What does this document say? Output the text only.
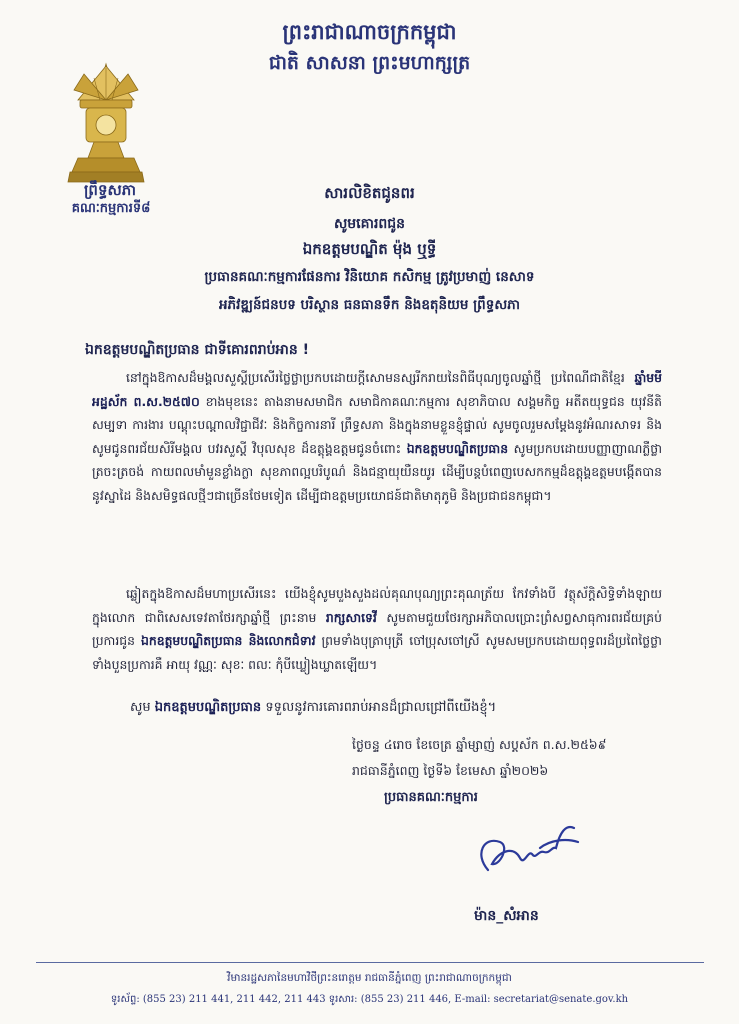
ព្រះរាជាណាចក្រកម្ពុជា
ជាតិ សាសនា ព្រះមហាក្សត្រ
ព្រឹទ្ធសភា
គណៈកម្មការទី៨
សារលិខិតជូនពរ
សូមគោរពជូន
ឯកឧត្តមបណ្ឌិត ម៉ុង ឬទ្ធី
ប្រធានគណៈកម្មការផែនការ វិនិយោគ កសិកម្ម ត្រូវប្រមាញ់ នេសាទ
អភិវឌ្ឍន៍ជនបទ បរិស្ថាន ធនធានទឹក និងឧតុនិយម ព្រឹទ្ធសភា
ឯកឧត្តមបណ្ឌិតប្រធាន ជាទីគោរពរាប់អាន !
នៅក្នុងឱកាសដ៏មង្គលសួស្ដីប្រសើរថ្លៃថ្លាប្រកបដោយក្ដីសោមនស្សរីករាយនៃពិធីបុណ្យចូលឆ្នាំថ្មី ប្រពៃណីជាតិខ្មែរ ឆ្នាំមមី អដ្ឋស័ក ព.ស.២៥៧០ ខាងមុខនេះ តាងនាមសមាជិក សមាជិកាគណៈកម្មការ សុខាភិបាល សង្គមកិច្ច អតីតយុទ្ធជន យុវនីតិសម្បទា ការងារ បណ្ដុះបណ្ដាលវិជ្ជាជីវៈ និងកិច្ចការនារី ព្រឹទ្ធសភា និងក្នុងនាមខ្លួនខ្ញុំផ្ទាល់ សូមចូលរួមសម្ដែងនូវអំណរសាទរ និងសូមជូនពរជ័យសិរីមង្គល បវរសួស្ដី វិបុលសុខ ដ៏ឧត្ដុង្គឧត្ដមជូនចំពោះ ឯកឧត្តមបណ្ឌិតប្រធាន សូមប្រកបដោយបញ្ញាញាណភ្លឺថ្លា ត្រចះត្រចង់ កាយពលមាំមួនខ្លាំងក្លា សុខភាពល្អបរិបូណ៌ និងជន្មាយុយឺនយូរ ដើម្បីបន្តបំពេញបេសកកម្មដ៏ឧត្ដុង្គឧត្ដមបង្កើតបាននូវស្នាដៃ និងសមិទ្ធផលថ្មីៗជាច្រើនថែមទៀត ដើម្បីជាឧត្តមប្រយោជន៍ជាតិមាតុភូមិ និងប្រជាជនកម្ពុជា។
ឆ្លៀតក្នុងឱកាសដ៏មហាប្រសើរនេះ យើងខ្ញុំសូមបួងសួងដល់គុណបុណ្យព្រះគុណត្រ័យ កែវទាំងបី វត្ថុស័ក្ដិសិទ្ធិទាំងឡាយក្នុងលោក ជាពិសេសទេវតាថែរក្សាឆ្នាំថ្មី ព្រះនាម រាក្សសាទេវី សូមតាមជួយថែរក្សាអភិបាលប្រោះព្រំសព្វសាធុការពរជ័យគ្រប់ប្រការជូន ឯកឧត្តមបណ្ឌិតប្រធាន និងលោកជំទាវ ព្រមទាំងបុត្រាបុត្រី ចៅប្រុសចៅស្រី សូមសមប្រកបដោយពុទ្ធពរដ៏ប្រពៃថ្លៃថ្លាទាំងបួនប្រការគឺ អាយុ វណ្ណៈ សុខៈ ពលៈ កុំបីឃ្លៀងឃ្លាតឡើយ។
សូម ឯកឧត្តមបណ្ឌិតប្រធាន ទទួលនូវការគោរពរាប់អានដ៏ជ្រាលជ្រៅពីយើងខ្ញុំ។
ថ្ងៃចន្ទ ៤រោច ខែចេត្រ ឆ្នាំម្សាញ់ សប្ដស័ក ព.ស.២៥៦៩
រាជធានីភ្នំពេញ ថ្ងៃទី៦ ខែមេសា ឆ្នាំ២០២៦
ប្រធានគណៈកម្មការ
ម៉ាន_សំអាន
វិមានរដ្ឋសភានៃមហាវិថីព្រះនរោត្តម រាជធានីភ្នំពេញ ព្រះរាជាណាចក្រកម្ពុជា
ទូរស័ព្ទ: (855 23) 211 441, 211 442, 211 443 ទូរសារ: (855 23) 211 446, E-mail: secretariat@senate.gov.kh
